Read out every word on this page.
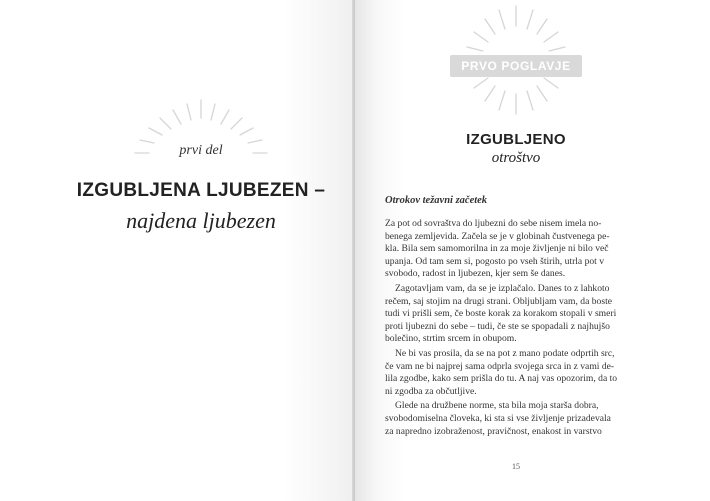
prvi del
IZGUBLJENA LJUBEZEN –
najdena ljubezen
PRVO POGLAVJE
IZGUBLJENO
otroštvo
Otrokov težavni začetek
Za pot od sovraštva do ljubezni do sebe nisem imela no-
benega zemljevida. Začela se je v globinah čustvenega pe-
kla. Bila sem samomorilna in za moje življenje ni bilo več
upanja. Od tam sem si, pogosto po vseh štirih, utrla pot v
svobodo, radost in ljubezen, kjer sem še danes.
Zagotavljam vam, da se je izplačalo. Danes to z lahkoto
rečem, saj stojim na drugi strani. Obljubljam vam, da boste
tudi vi prišli sem, če boste korak za korakom stopali v smeri
proti ljubezni do sebe – tudi, če ste se spopadali z najhujšo
bolečino, strtim srcem in obupom.
Ne bi vas prosila, da se na pot z mano podate odprtih src,
če vam ne bi najprej sama odprla svojega srca in z vami de-
lila zgodbe, kako sem prišla do tu. A naj vas opozorim, da to
ni zgodba za občutljive.
Glede na družbene norme, sta bila moja starša dobra,
svobodomiselna človeka, ki sta si vse življenje prizadevala
za napredno izobraženost, pravičnost, enakost in varstvo
15
